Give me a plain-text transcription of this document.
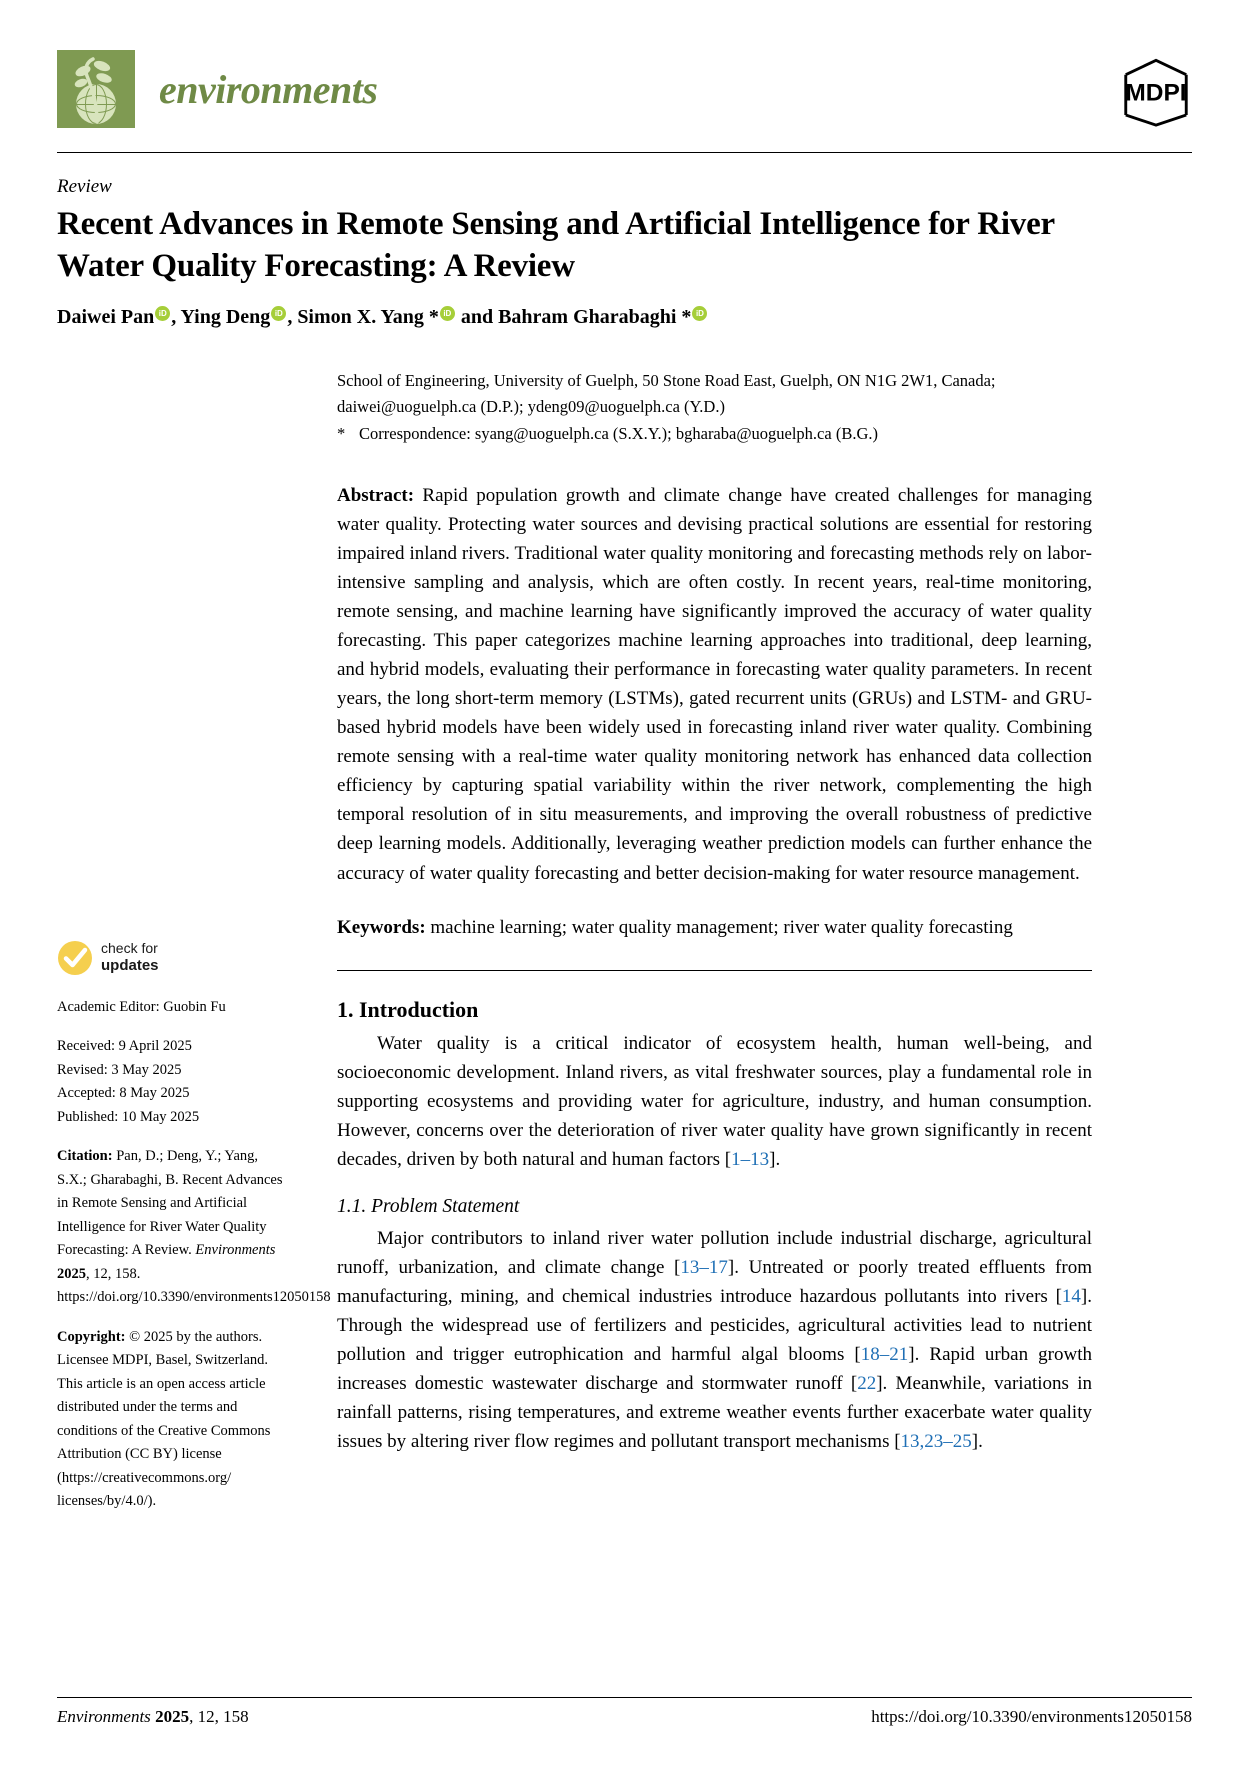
environments	MDPI
Review
Recent Advances in Remote Sensing and Artificial Intelligence for River Water Quality Forecasting: A Review
Daiwei Pan iD , Ying Deng iD , Simon X. Yang *iD and Bahram Gharabaghi *iD
School of Engineering, University of Guelph, 50 Stone Road East, Guelph, ON N1G 2W1, Canada;
daiwei@uoguelph.ca (D.P.); ydeng09@uoguelph.ca (Y.D.)
* Correspondence: syang@uoguelph.ca (S.X.Y.); bgharaba@uoguelph.ca (B.G.)
Abstract: Rapid population growth and climate change have created challenges for managing water quality. Protecting water sources and devising practical solutions are essential for restoring impaired inland rivers. Traditional water quality monitoring and forecasting methods rely on labor-intensive sampling and analysis, which are often costly. In recent years, real-time monitoring, remote sensing, and machine learning have significantly improved the accuracy of water quality forecasting. This paper categorizes machine learning approaches into traditional, deep learning, and hybrid models, evaluating their performance in forecasting water quality parameters. In recent years, the long short-term memory (LSTMs), gated recurrent units (GRUs) and LSTM- and GRU-based hybrid models have been widely used in forecasting inland river water quality. Combining remote sensing with a real-time water quality monitoring network has enhanced data collection efficiency by capturing spatial variability within the river network, complementing the high temporal resolution of in situ measurements, and improving the overall robustness of predictive deep learning models. Additionally, leveraging weather prediction models can further enhance the accuracy of water quality forecasting and better decision-making for water resource management.
Keywords: machine learning; water quality management; river water quality forecasting
1. Introduction
Water quality is a critical indicator of ecosystem health, human well-being, and socioeconomic development. Inland rivers, as vital freshwater sources, play a fundamental role in supporting ecosystems and providing water for agriculture, industry, and human consumption. However, concerns over the deterioration of river water quality have grown significantly in recent decades, driven by both natural and human factors [1–13].
1.1. Problem Statement
Major contributors to inland river water pollution include industrial discharge, agricultural runoff, urbanization, and climate change [13–17]. Untreated or poorly treated effluents from manufacturing, mining, and chemical industries introduce hazardous pollutants into rivers [14]. Through the widespread use of fertilizers and pesticides, agricultural activities lead to nutrient pollution and trigger eutrophication and harmful algal blooms [18–21]. Rapid urban growth increases domestic wastewater discharge and stormwater runoff [22]. Meanwhile, variations in rainfall patterns, rising temperatures, and extreme weather events further exacerbate water quality issues by altering river flow regimes and pollutant transport mechanisms [13,23–25].
check for
updates
Academic Editor: Guobin Fu
Received: 9 April 2025
Revised: 3 May 2025
Accepted: 8 May 2025
Published: 10 May 2025
Citation: Pan, D.; Deng, Y.; Yang, S.X.; Gharabaghi, B. Recent Advances in Remote Sensing and Artificial Intelligence for River Water Quality Forecasting: A Review. Environments 2025, 12, 158. https://doi.org/10.3390/environments12050158
Copyright: © 2025 by the authors. Licensee MDPI, Basel, Switzerland. This article is an open access article distributed under the terms and conditions of the Creative Commons Attribution (CC BY) license (https://creativecommons.org/ licenses/by/4.0/).
Environments 2025, 12, 158	https://doi.org/10.3390/environments12050158
